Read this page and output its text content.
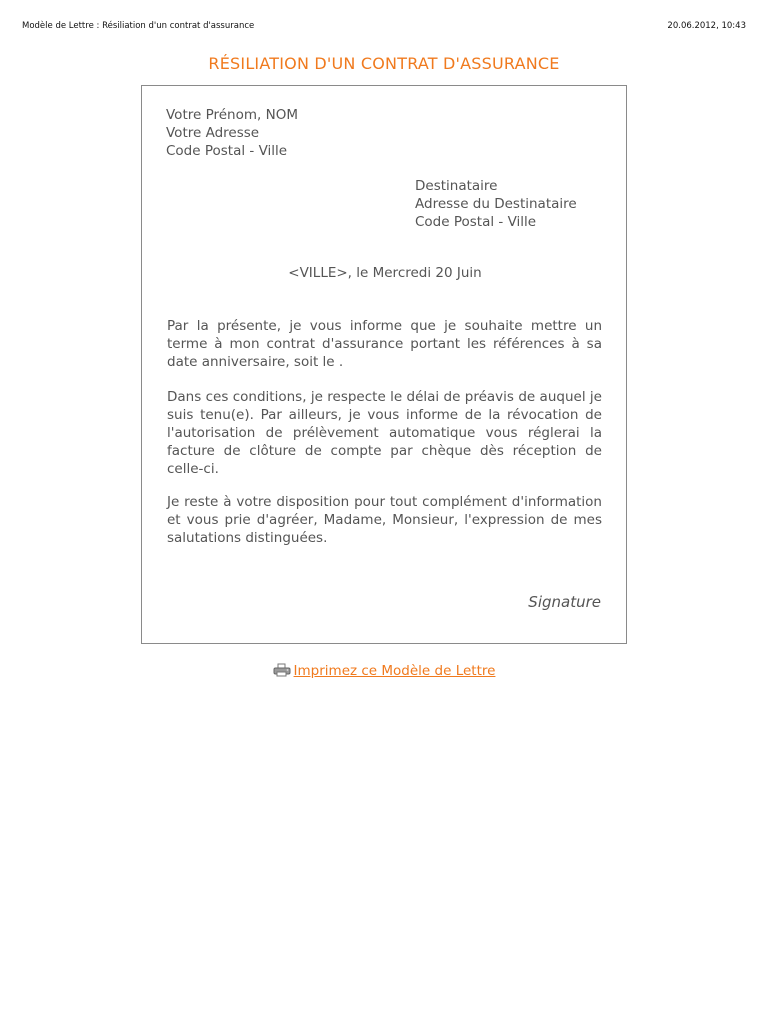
Modèle de Lettre : Résiliation d'un contrat d'assurance	20.06.2012, 10:43
RÉSILIATION D'UN CONTRAT D'ASSURANCE
Votre Prénom, NOM
Votre Adresse
Code Postal - Ville
Destinataire
Adresse du Destinataire
Code Postal - Ville
<VILLE>, le Mercredi 20 Juin
Par la présente, je vous informe que je souhaite mettre un terme à mon contrat d'assurance portant les références à sa date anniversaire, soit le .
Dans ces conditions, je respecte le délai de préavis de auquel je suis tenu(e). Par ailleurs, je vous informe de la révocation de l'autorisation de prélèvement automatique vous réglerai la facture de clôture de compte par chèque dès réception de celle-ci.
Je reste à votre disposition pour tout complément d'information et vous prie d'agréer, Madame, Monsieur, l'expression de mes salutations distinguées.
Signature
Imprimez ce Modèle de Lettre
